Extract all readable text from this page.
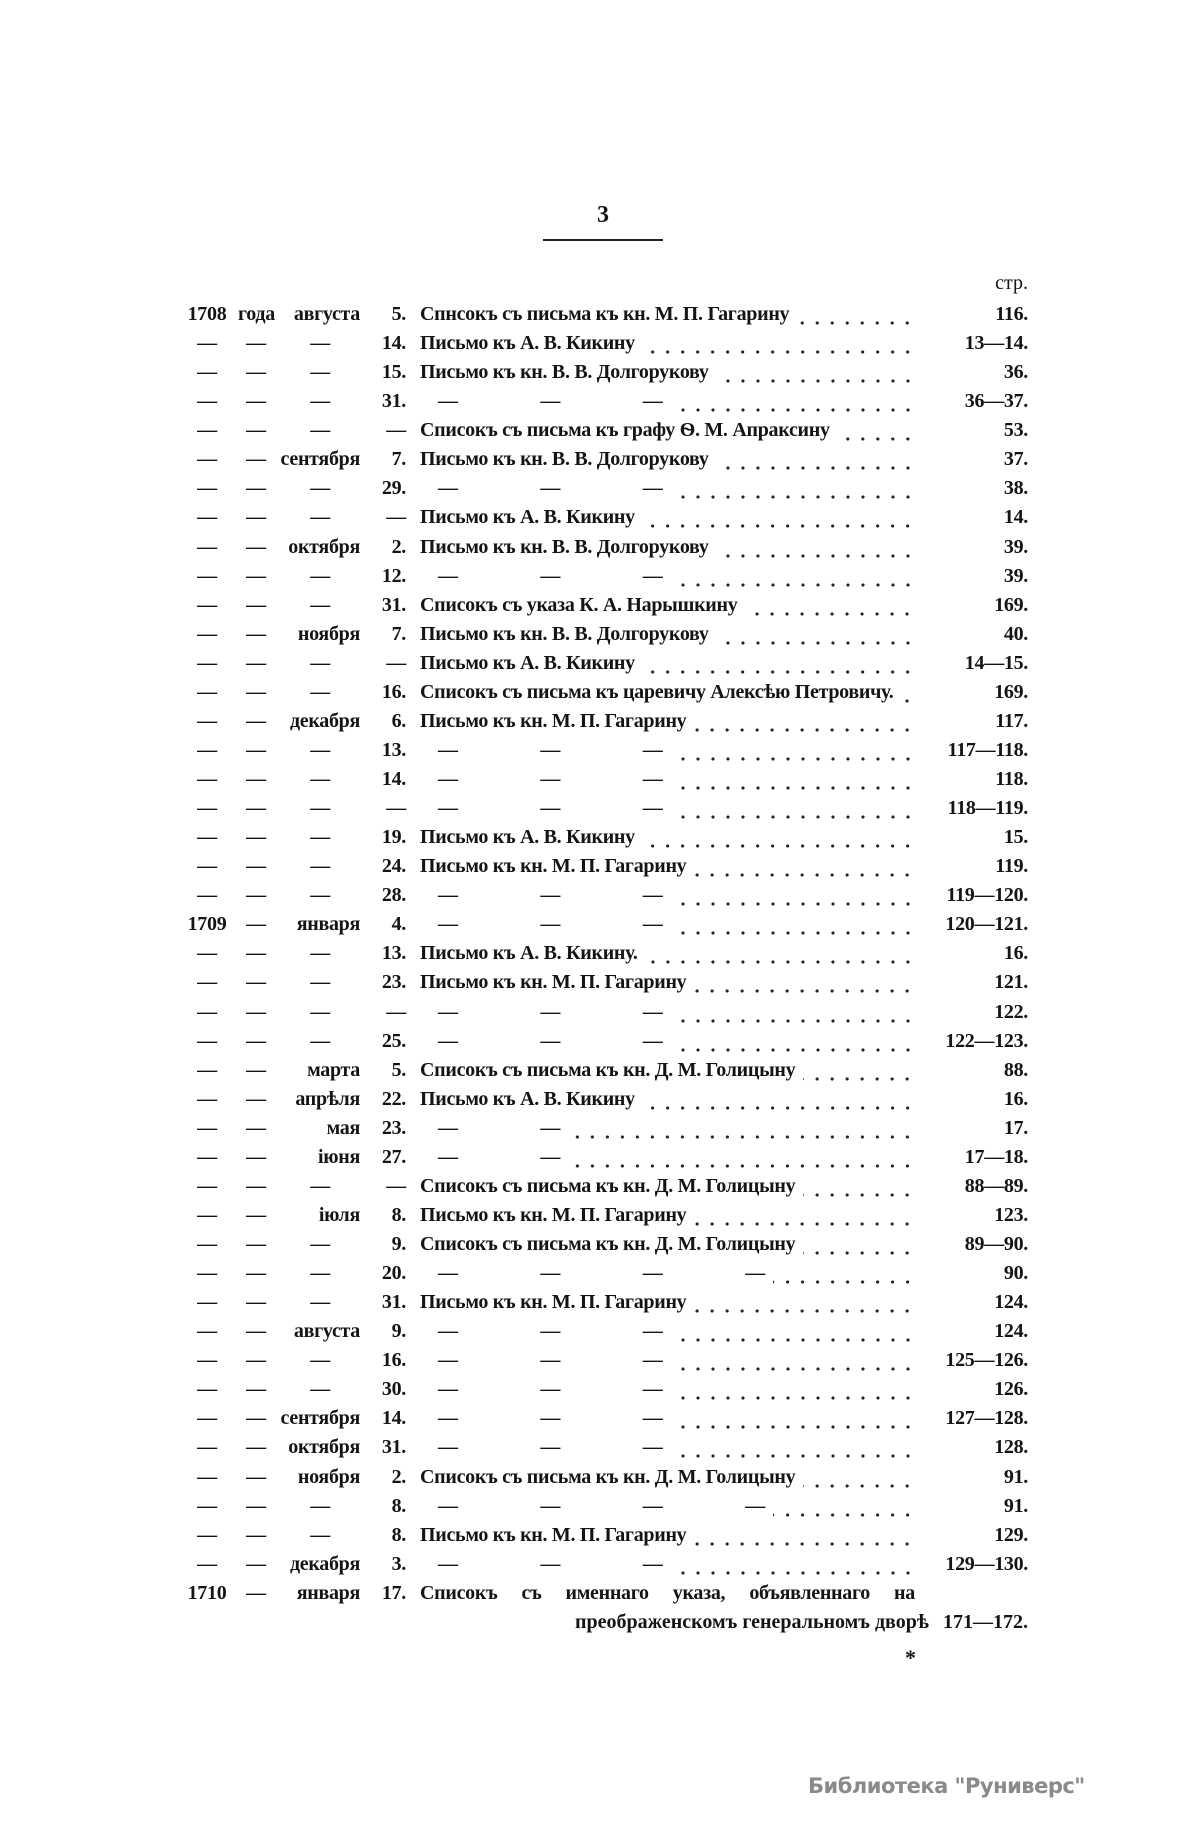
3
стр.
1708 года августа	5. Спнсокъ съ письма къ кн. М. П. Гагарину	116.
—	—	—	14. Письмо къ А. В. Кикину	13—14.
—	—	—	15. Письмо къ кн. В. В. Долгорукову	36.
—	—	—	31.	— — —	36—37.
—	—	—	— Списокъ съ письма къ графу Ѳ. М. Апраксину	53.
—	— сентября	7. Письмо къ кн. В. В. Долгорукову	37.
—	—	—	29.	— — —	38.
—	—	—	— Письмо къ А. В. Кикину	14.
—	—	октября	2. Письмо къ кн. В. В. Долгорукову	39.
—	—	—	12.	— — —	39.
—	—	—	31. Списокъ съ указа К. А. Нарышкину	169.
—	—	ноября	7. Письмо къ кн. В. В. Долгорукову	40.
—	—	—	— Письмо къ А. В. Кикину	14—15.
—	—	—	16. Списокъ съ письма къ царевичу Алексѣю Петровичу.	169.
—	—	декабря	6. Письмо къ кн. М. П. Гагарину	117.
—	—	—	13.	— — —	117—118.
—	—	—	14.	— — —	118.
—	—	—	—	— — —	118—119.
—	—	—	19. Письмо къ А. В. Кикину	15.
—	—	—	24. Письмо къ кн. М. П. Гагарину	119.
—	—	—	28.	— — —	119—120.
1709 —	января	4.	— — —	120—121.
—	—	—	13. Письмо къ А. В. Кикину.	16.
—	—	—	23. Письмо къ кн. М. П. Гагарину	121.
—	—	—	—	— — —	122.
—	—	—	25.	— — —	122—123.
—	—	марта	5. Списокъ съ письма къ кн. Д. М. Голицыну	88.
—	—	апрѣля	22. Письмо къ А. В. Кикину	16.
—	—	мая	23.	— —	17.
—	—	іюня	27.	— —	17—18.
—	—	—	— Списокъ съ письма къ кн. Д. М. Голицыну	88—89.
—	—	іюля	8. Письмо къ кн. М. П. Гагарину	123.
—	—	—	9. Списокъ съ письма къ кн. Д. М. Голицыну	89—90.
—	—	—	20.	— — — —	90.
—	—	—	31. Письмо къ кн. М. П. Гагарину	124.
—	—	августа	9.	— — —	124.
—	—	—	16.	— — —	125—126.
—	—	—	30.	— — —	126.
—	— сентября	14.	— — —	127—128.
—	—	октября	31.	— — —	128.
—	—	ноября	2. Списокъ съ письма къ кн. Д. М. Голицыну	91.
—	—	—	8.	— — — —	91.
—	—	—	8. Письмо къ кн. М. П. Гагарину	129.
—	—	декабря	3.	— — —	129—130.
1710 —	января	17. Списокъ съ именнаго указа, объявленнаго на
преображенскомъ генеральномъ дворѣ 171—172.
*
Библиотека "Руниверс"
